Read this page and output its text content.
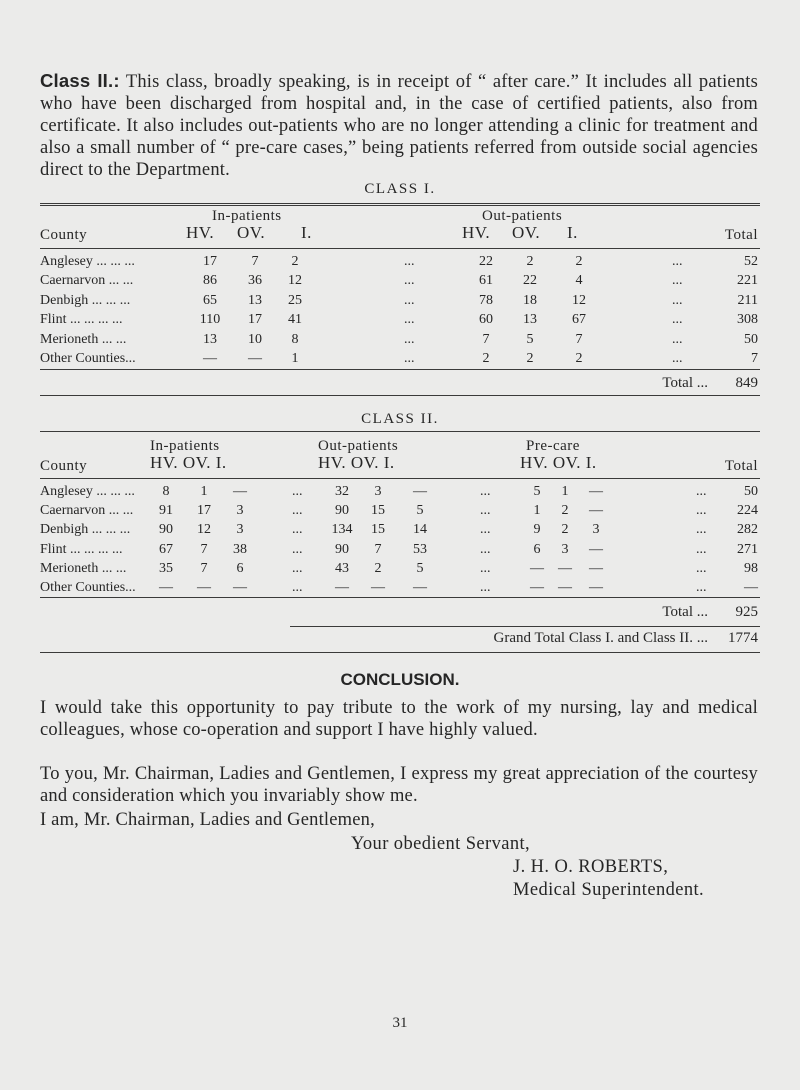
Class II.: This class, broadly speaking, is in receipt of “ after care.” It includes all patients who have been discharged from hospital and, in the case of certified patients, also from certificate. It also includes out-patients who are no longer attending a clinic for treatment and also a small number of “ pre-care cases,” being patients referred from outside social agencies direct to the Department.
CLASS I.
In-patients	Out-patients
County	HV. OV. I.	HV. OV. I.	Total
Anglesey ... ... ...	17	7	2	...	22	2	2	...	52
Caernarvon ... ...	86	36	12	...	61	22	4	...	221
Denbigh ... ... ...	65	13	25	...	78	18	12	...	211
Flint ... ... ... ...	110	17	41	...	60	13	67	...	308
Merioneth ... ...	13	10	8	...	7	5	7	...	50
Other Counties...	—	—	1	...	2	2	2	...	7
Total ...	849
CLASS II.
In-patients	Out-patients	Pre-care
County	HV. OV. I.	HV. OV. I.	HV. OV. I.	Total
Anglesey ... ... ...	8	1	—	...	32	3	—	...	5	1	—	...	50
Caernarvon ... ...	91	17	3	...	90	15	5	...	1	2	—	...	224
Denbigh ... ... ...	90	12	3	...	134	15	14	...	9	2	3	...	282
Flint ... ... ... ...	67	7	38	...	90	7	53	...	6	3	—	...	271
Merioneth ... ...	35	7	6	...	43	2	5	...	—	—	—	...	98
Other Counties...	—	—	—	...	—	—	—	...	—	—	—	...	—
Total ...	925
Grand Total Class I. and Class II. ...	1774
CONCLUSION.
I would take this opportunity to pay tribute to the work of my nursing, lay and medical colleagues, whose co-operation and support I have highly valued.
To you, Mr. Chairman, Ladies and Gentlemen, I express my great appreciation of the courtesy and consideration which you invariably show me.
I am, Mr. Chairman, Ladies and Gentlemen,
Your obedient Servant,
J. H. O. ROBERTS,
Medical Superintendent.
31
